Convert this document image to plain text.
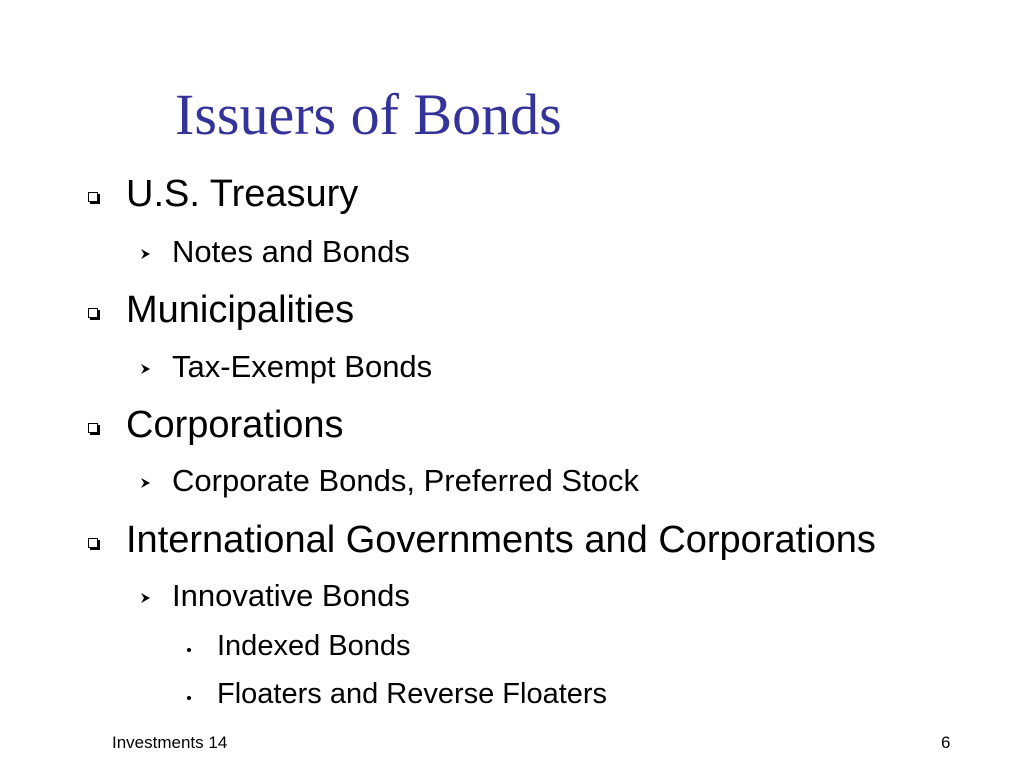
Issuers of Bonds
U.S. Treasury
Notes and Bonds
Municipalities
Tax-Exempt Bonds
Corporations
Corporate Bonds, Preferred Stock
International Governments and Corporations
Innovative Bonds
Indexed Bonds
Floaters and Reverse Floaters
Investments 14	6
